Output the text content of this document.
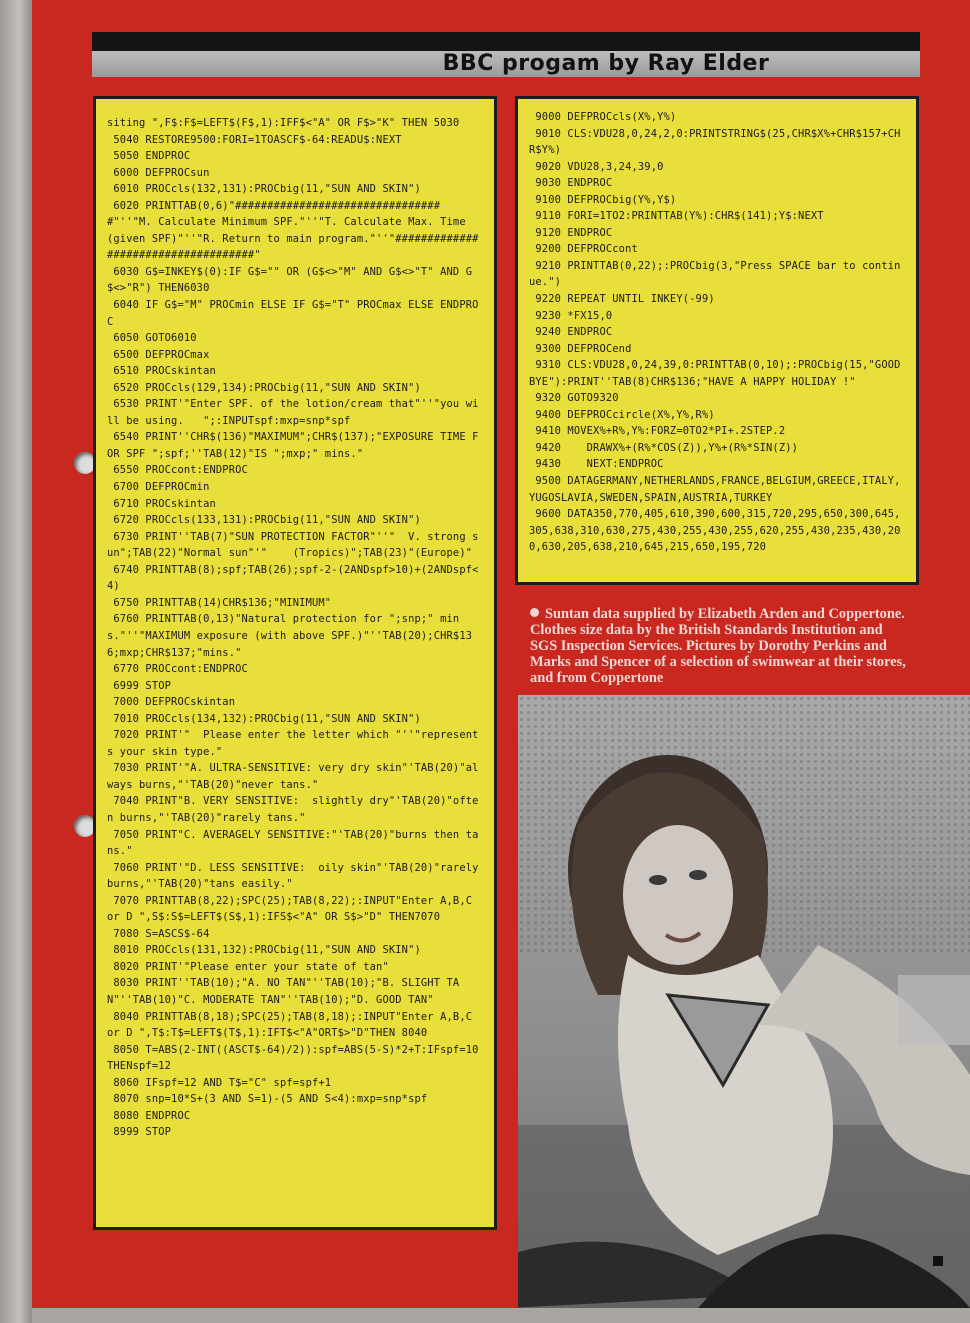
BBC progam by Ray Elder
siting ",F$:F$=LEFT$(F$,1):IFF$<"A" OR F$>"K" THEN 5030
5040 RESTORE9500:FORI=1TOASCF$-64:READU$:NEXT
5050 ENDPROC
6000 DEFPROCsun
6010 PROCcls(132,131):PROCbig(11,"SUN AND SKIN")
6020 PRINTTAB(0,6)"#################################"''"M. Calculate Minimum SPF."''"T. Calculate Max. Time (given SPF)"''"R. Return to main program."''"####################################"
6030 G$=INKEY$(0):IF G$="" OR (G$<>"M" AND G$<>"T" AND G$<>"R") THEN6030
6040 IF G$="M" PROCmin ELSE IF G$="T" PROCmax ELSE ENDPROC
6050 GOTO6010
6500 DEFPROCmax
6510 PROCskintan
6520 PROCcls(129,134):PROCbig(11,"SUN AND SKIN")
6530 PRINT'"Enter SPF. of the lotion/cream that"''"you will be using.   ";:INPUTspf:mxp=snp*spf
6540 PRINT''CHR$(136)"MAXIMUM";CHR$(137);"EXPOSURE TIME FOR SPF ";spf;''TAB(12)"IS ";mxp;" mins."
6550 PROCcont:ENDPROC
6700 DEFPROCmin
6710 PROCskintan
6720 PROCcls(133,131):PROCbig(11,"SUN AND SKIN")
6730 PRINT''TAB(7)"SUN PROTECTION FACTOR"''"  V. strong sun";TAB(22)"Normal sun"'"    (Tropics)";TAB(23)"(Europe)"
6740 PRINTTAB(8);spf;TAB(26);spf-2-(2ANDspf>10)+(2ANDspf<4)
6750 PRINTTAB(14)CHR$136;"MINIMUM"
6760 PRINTTAB(0,13)"Natural protection for ";snp;" mins."''"MAXIMUM exposure (with above SPF.)"''TAB(20);CHR$136;mxp;CHR$137;"mins."
6770 PROCcont:ENDPROC
6999 STOP
7000 DEFPROCskintan
7010 PROCcls(134,132):PROCbig(11,"SUN AND SKIN")
7020 PRINT'"  Please enter the letter which "''"represents your skin type."
7030 PRINT'"A. ULTRA-SENSITIVE: very dry skin"'TAB(20)"always burns,"'TAB(20)"never tans."
7040 PRINT"B. VERY SENSITIVE:  slightly dry"'TAB(20)"often burns,"'TAB(20)"rarely tans."
7050 PRINT"C. AVERAGELY SENSITIVE:"'TAB(20)"burns then tans."
7060 PRINT'"D. LESS SENSITIVE:  oily skin"'TAB(20)"rarely burns,"'TAB(20)"tans easily."
7070 PRINTTAB(8,22);SPC(25);TAB(8,22);:INPUT"Enter A,B,C or D ",S$:S$=LEFT$(S$,1):IFS$<"A" OR S$>"D" THEN7070
7080 S=ASCS$-64
8010 PROCcls(131,132):PROCbig(11,"SUN AND SKIN")
8020 PRINT'"Please enter your state of tan"
8030 PRINT''TAB(10);"A. NO TAN"''TAB(10);"B. SLIGHT TAN"''TAB(10)"C. MODERATE TAN"''TAB(10);"D. GOOD TAN"
8040 PRINTTAB(8,18);SPC(25);TAB(8,18);:INPUT"Enter A,B,C or D ",T$:T$=LEFT$(T$,1):IFT$<"A"ORT$>"D"THEN 8040
8050 T=ABS(2-INT((ASCT$-64)/2)):spf=ABS(5-S)*2+T:IFspf=10 THENspf=12
8060 IFspf=12 AND T$="C" spf=spf+1
8070 snp=10*S+(3 AND S=1)-(5 AND S<4):mxp=snp*spf
8080 ENDPROC
8999 STOP
9000 DEFPROCcls(X%,Y%)
9010 CLS:VDU28,0,24,2,0:PRINTSTRING$(25,CHR$X%+CHR$157+CHR$Y%)
9020 VDU28,3,24,39,0
9030 ENDPROC
9100 DEFPROCbig(Y%,Y$)
9110 FORI=1TO2:PRINTTAB(Y%):CHR$(141);Y$:NEXT
9120 ENDPROC
9200 DEFPROCcont
9210 PRINTTAB(0,22);:PROCbig(3,"Press SPACE bar to continue.")
9220 REPEAT UNTIL INKEY(-99)
9230 *FX15,0
9240 ENDPROC
9300 DEFPROCend
9310 CLS:VDU28,0,24,39,0:PRINTTAB(0,10);:PROCbig(15,"GOODBYE"):PRINT''TAB(8)CHR$136;"HAVE A HAPPY HOLIDAY !"
9320 GOTO9320
9400 DEFPROCcircle(X%,Y%,R%)
9410 MOVEX%+R%,Y%:FORZ=0TO2*PI+.2STEP.2
9420    DRAWX%+(R%*COS(Z)),Y%+(R%*SIN(Z))
9430    NEXT:ENDPROC
9500 DATAGERMANY,NETHERLANDS,FRANCE,BELGIUM,GREECE,ITALY,YUGOSLAVIA,SWEDEN,SPAIN,AUSTRIA,TURKEY
9600 DATA350,770,405,610,390,600,315,720,295,650,300,645,305,638,310,630,275,430,255,430,255,620,255,430,235,430,200,630,205,638,210,645,215,650,195,720
Suntan data supplied by Elizabeth Arden and Coppertone. Clothes size data by the British Standards Institution and SGS Inspection Services. Pictures by Dorothy Perkins and Marks and Spencer of a selection of swimwear at their stores, and from Coppertone
